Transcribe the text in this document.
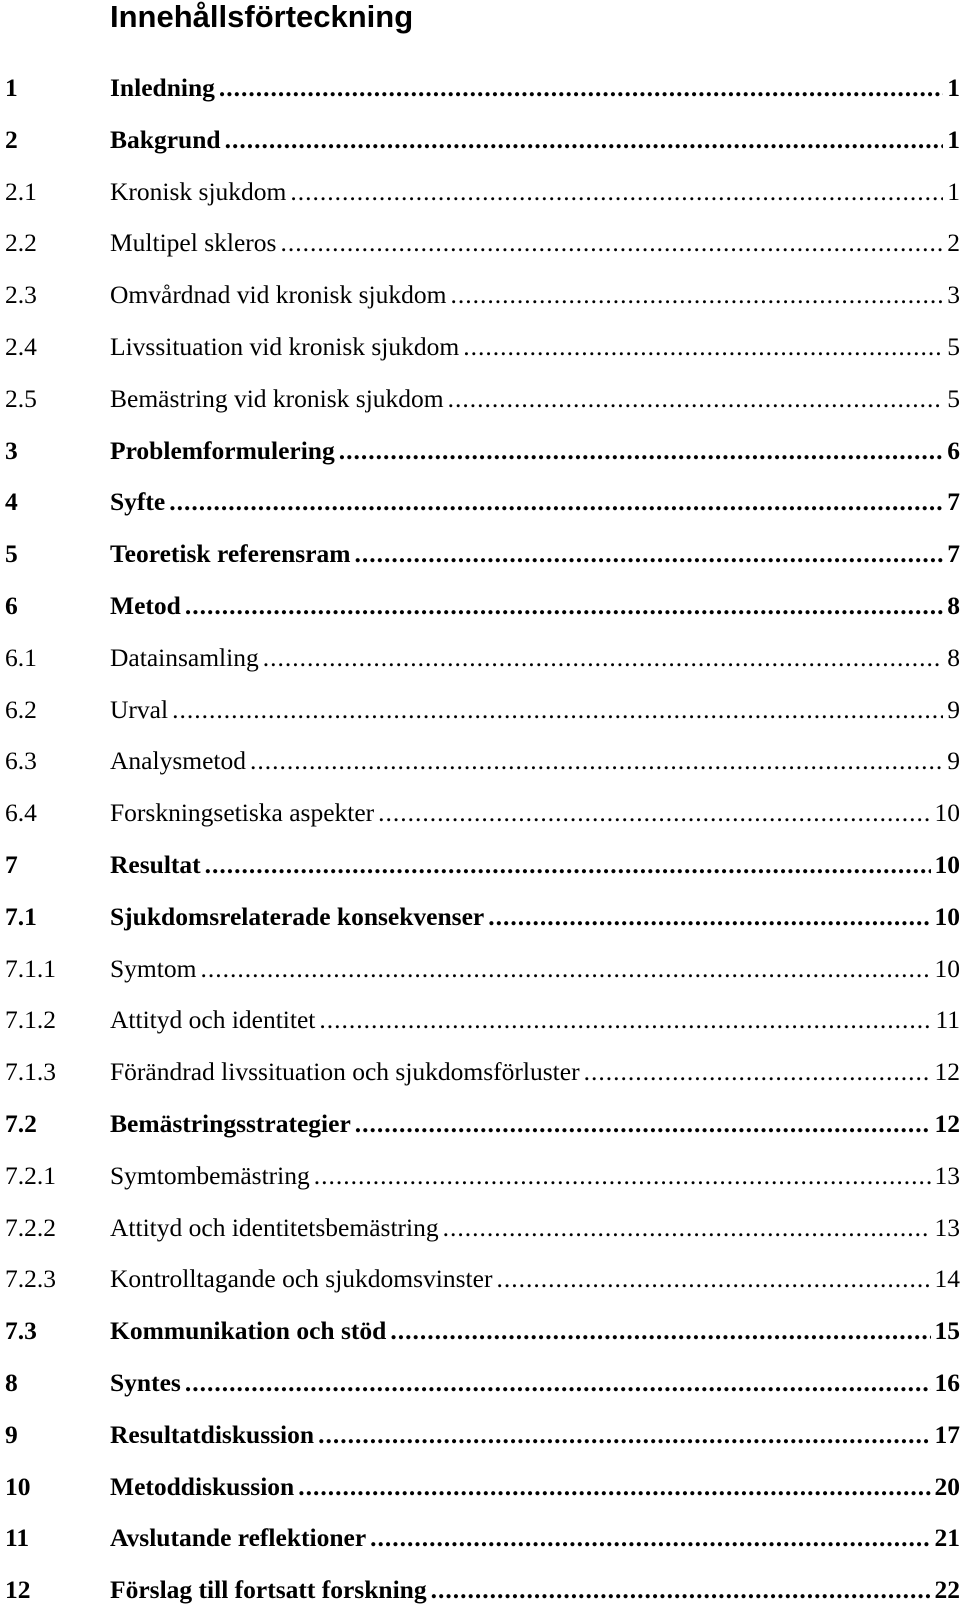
Innehållsförteckning
1	Inledning .....	1
2	Bakgrund .....	1
2.1	Kronisk sjukdom .....	1
2.2	Multipel skleros .....	2
2.3	Omvårdnad vid kronisk sjukdom .....	3
2.4	Livssituation vid kronisk sjukdom .....	5
2.5	Bemästring vid kronisk sjukdom .....	5
3	Problemformulering .....	6
4	Syfte .....	7
5	Teoretisk referensram .....	7
6	Metod .....	8
6.1	Datainsamling .....	8
6.2	Urval .....	9
6.3	Analysmetod .....	9
6.4	Forskningsetiska aspekter .....	10
7	Resultat .....	10
7.1	Sjukdomsrelaterade konsekvenser .....	10
7.1.1 Symtom .....	10
7.1.2 Attityd och identitet .....	11
7.1.3 Förändrad livssituation och sjukdomsförluster .....	12
7.2	Bemästringsstrategier .....	12
7.2.1 Symtombemästring .....	13
7.2.2 Attityd och identitetsbemästring .....	13
7.2.3 Kontrolltagande och sjukdomsvinster .....	14
7.3	Kommunikation och stöd .....	15
8	Syntes .....	16
9	Resultatdiskussion .....	17
10	Metoddiskussion .....	20
11	Avslutande reflektioner .....	21
12	Förslag till fortsatt forskning .....	22
